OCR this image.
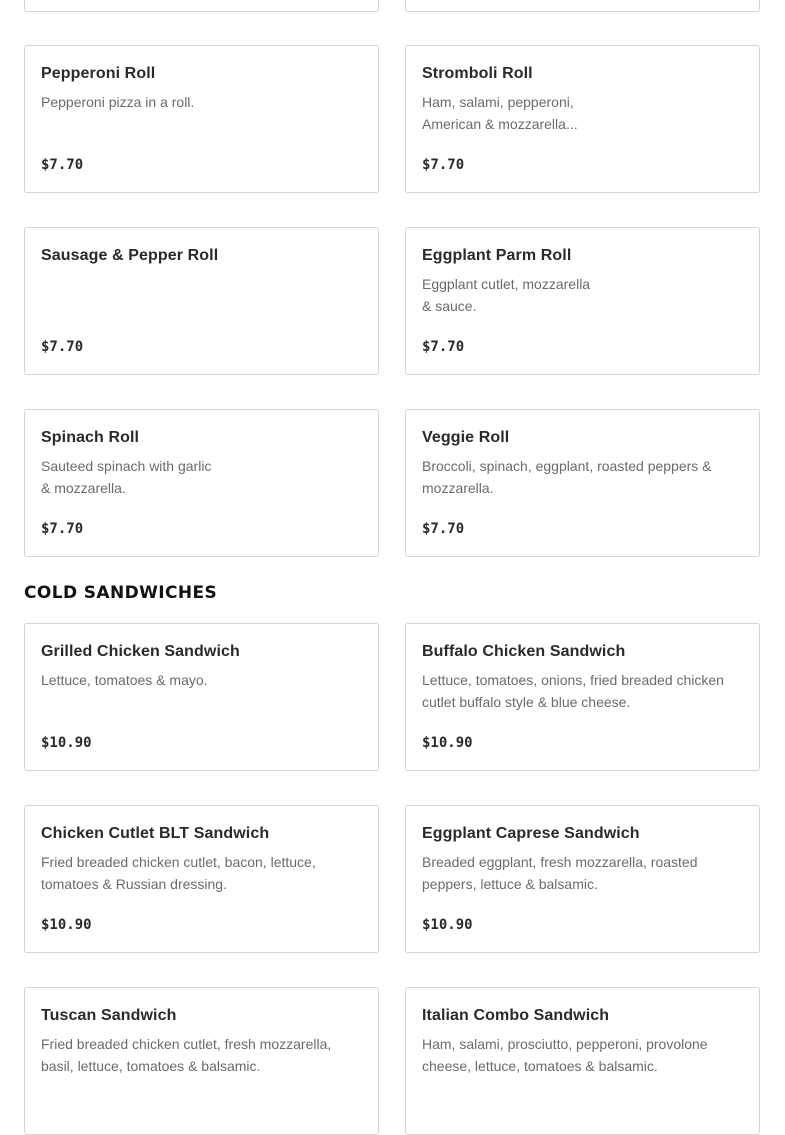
Pepperoni Roll
Pepperoni pizza in a roll.
$7.70
Stromboli Roll
Ham, salami, pepperoni,
American & mozzarella...
$7.70
Sausage & Pepper Roll
$7.70
Eggplant Parm Roll
Eggplant cutlet, mozzarella
& sauce.
$7.70
Spinach Roll
Sauteed spinach with garlic
& mozzarella.
$7.70
Veggie Roll
Broccoli, spinach, eggplant, roasted peppers &
mozzarella.
$7.70
COLD SANDWICHES
Grilled Chicken Sandwich
Lettuce, tomatoes & mayo.
$10.90
Buffalo Chicken Sandwich
Lettuce, tomatoes, onions, fried breaded chicken
cutlet buffalo style & blue cheese.
$10.90
Chicken Cutlet BLT Sandwich
Fried breaded chicken cutlet, bacon, lettuce,
tomatoes & Russian dressing.
$10.90
Eggplant Caprese Sandwich
Breaded eggplant, fresh mozzarella, roasted
peppers, lettuce & balsamic.
$10.90
Tuscan Sandwich
Fried breaded chicken cutlet, fresh mozzarella,
basil, lettuce, tomatoes & balsamic.
Italian Combo Sandwich
Ham, salami, prosciutto, pepperoni, provolone
cheese, lettuce, tomatoes & balsamic.
